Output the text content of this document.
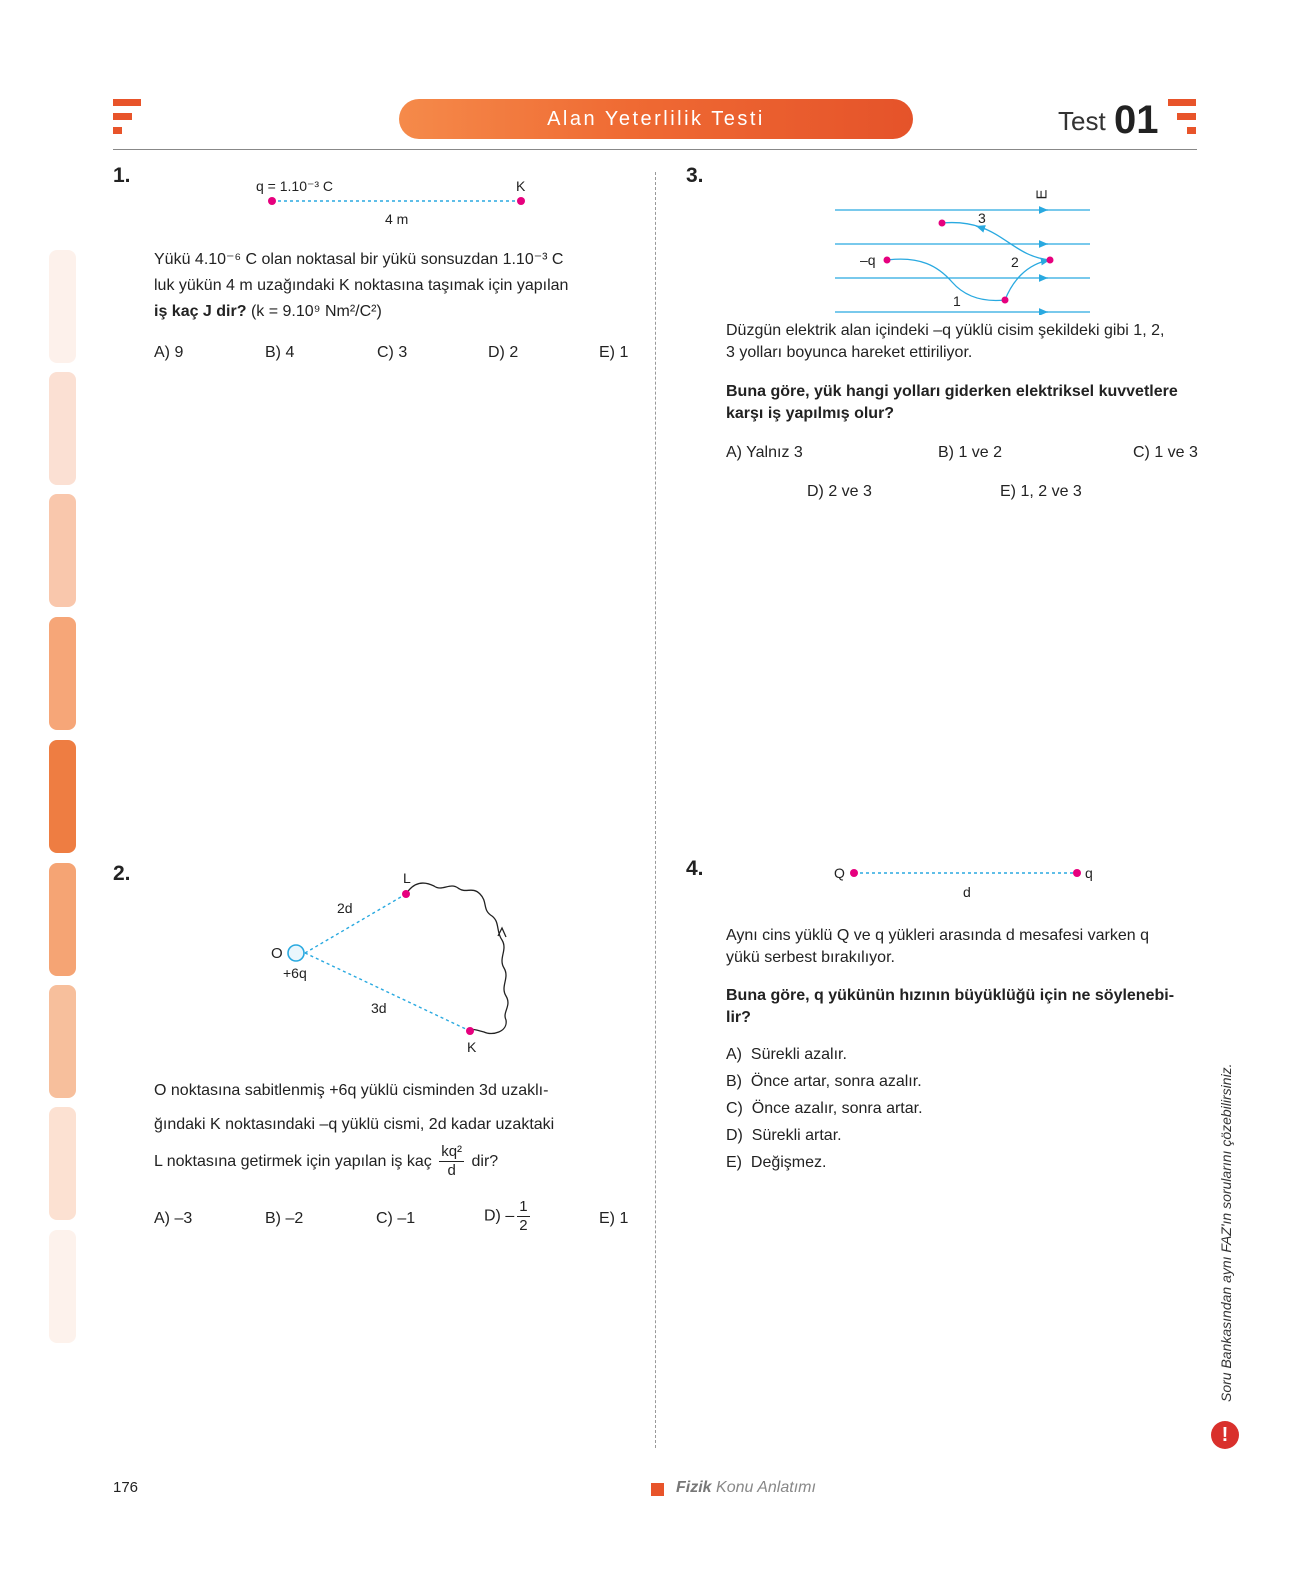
Alan Yeterlilik Testi	Test 01
1.	q = 1.10⁻³ C	K
4 m
Yükü 4.10⁻⁶ C olan noktasal bir yükü sonsuzdan 1.10⁻³ C
luk yükün 4 m uzağındaki K noktasına taşımak için yapılan
iş kaç J dir? (k = 9.10⁹ Nm²/C²)
A) 9	B) 4	C) 3	D) 2	E) 1
2.
O
+6q
L
K
2d
3d
O noktasına sabitlenmiş +6q yüklü cisminden 3d uzaklı-
ğındaki K noktasındaki –q yüklü cismi, 2d kadar uzaktaki
L noktasına getirmek için yapılan iş kaç $\frac{\text{kq²}}{d}$ dir?
A) –3	B) –2	C) –1	$D) - \frac{1}{2}$	E) 1
3.
E
–q
1
2
3
Düzgün elektrik alan içindeki –q yüklü cisim şekildeki gibi 1, 2,
3 yolları boyunca hareket ettiriliyor.
Buna göre, yük hangi yolları giderken elektriksel kuvvetlere
karşı iş yapılmış olur?
A) Yalnız 3	B) 1 ve 2	C) 1 ve 3
D) 2 ve 3	E) 1, 2 ve 3
4.	Q	q
d
Aynı cins yüklü Q ve q yükleri arasında d mesafesi varken q
yükü serbest bırakılıyor.
Buna göre, q yükünün hızının büyüklüğü için ne söylenebi-
lir?
A)  Sürekli azalır.
B)  Önce artar, sonra azalır.
C)  Önce azalır, sonra artar.
D)  Sürekli artar.
E)  Değişmez.	Soru Bankasından aynı FAZ'ın sorularını çözebilirsiniz.
!
176	Fizik Konu Anlatımı
